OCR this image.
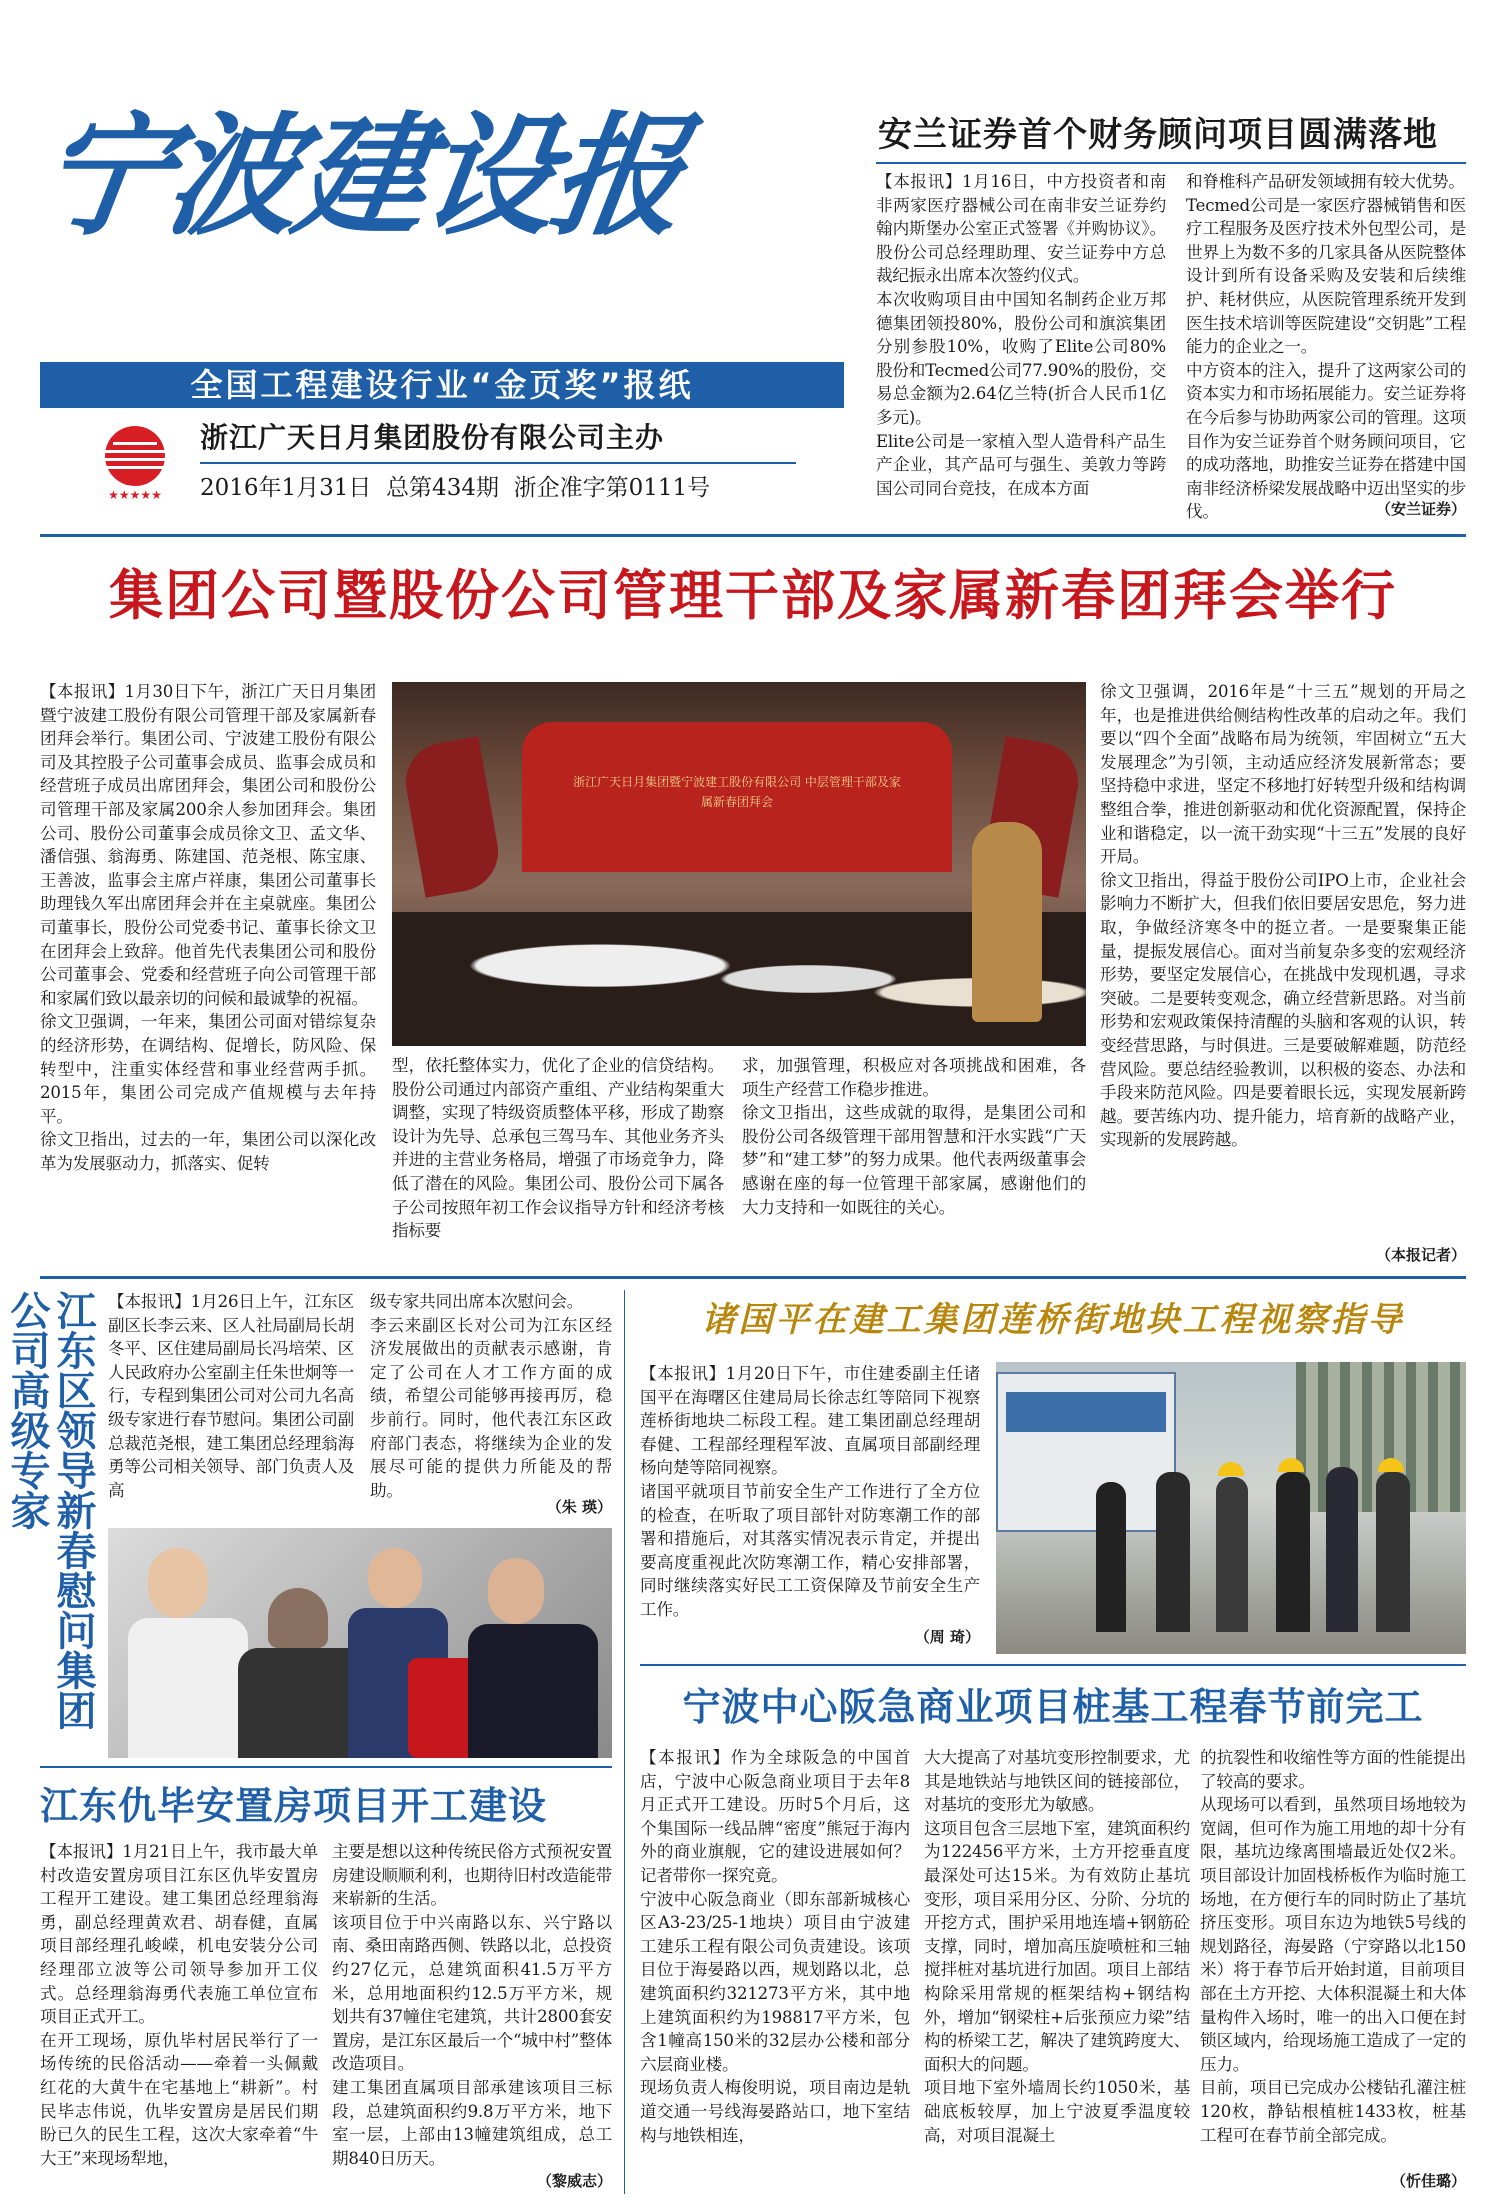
宁波建设报
全国工程建设行业“金页奖”报纸
★★★★★
浙江广天日月集团股份有限公司主办
2016年1月31日  总第434期  浙企准字第0111号
安兰证券首个财务顾问项目圆满落地
【本报讯】1月16日，中方投资者和南非两家医疗器械公司在南非安兰证券约翰内斯堡办公室正式签署《并购协议》。股份公司总经理助理、安兰证券中方总裁纪振永出席本次签约仪式。
本次收购项目由中国知名制药企业万邦德集团领投80%，股份公司和旗滨集团分别参股10%，收购了Elite公司80%股份和Tecmed公司77.90%的股份，交易总金额为2.64亿兰特(折合人民币1亿多元)。
Elite公司是一家植入型人造骨科产品生产企业，其产品可与强生、美敦力等跨国公司同台竞技，在成本方面
和脊椎科产品研发领域拥有较大优势。
Tecmed公司是一家医疗器械销售和医疗工程服务及医疗技术外包型公司，是世界上为数不多的几家具备从医院整体设计到所有设备采购及安装和后续维护、耗材供应，从医院管理系统开发到医生技术培训等医院建设“交钥匙”工程能力的企业之一。
中方资本的注入，提升了这两家公司的资本实力和市场拓展能力。安兰证券将在今后参与协助两家公司的管理。这项目作为安兰证券首个财务顾问项目，它的成功落地，助推安兰证券在搭建中国南非经济桥梁发展战略中迈出坚实的步伐。	（安兰证券）
集团公司暨股份公司管理干部及家属新春团拜会举行
【本报讯】1月30日下午，浙江广天日月集团暨宁波建工股份有限公司管理干部及家属新春团拜会举行。集团公司、宁波建工股份有限公司及其控股子公司董事会成员、监事会成员和经营班子成员出席团拜会，集团公司和股份公司管理干部及家属200余人参加团拜会。集团公司、股份公司董事会成员徐文卫、孟文华、潘信强、翁海勇、陈建国、范尧根、陈宝康、王善波，监事会主席卢祥康，集团公司董事长助理钱久军出席团拜会并在主桌就座。集团公司董事长，股份公司党委书记、董事长徐文卫在团拜会上致辞。他首先代表集团公司和股份公司董事会、党委和经营班子向公司管理干部和家属们致以最亲切的问候和最诚挚的祝福。
徐文卫强调，一年来，集团公司面对错综复杂的经济形势，在调结构、促增长，防风险、保转型中，注重实体经营和事业经营两手抓。2015年，集团公司完成产值规模与去年持平。
徐文卫指出，过去的一年，集团公司以深化改革为发展驱动力，抓落实、促转
浙江广天日月集团暨宁波建工股份有限公司 中层管理干部及家属新春团拜会
型，依托整体实力，优化了企业的信贷结构。股份公司通过内部资产重组、产业结构架重大调整，实现了特级资质整体平移，形成了勘察设计为先导、总承包三驾马车、其他业务齐头并进的主营业务格局，增强了市场竞争力，降低了潜在的风险。集团公司、股份公司下属各子公司按照年初工作会议指导方针和经济考核指标要
求，加强管理，积极应对各项挑战和困难，各项生产经营工作稳步推进。
徐文卫指出，这些成就的取得，是集团公司和股份公司各级管理干部用智慧和汗水实践“广天梦”和“建工梦”的努力成果。他代表两级董事会感谢在座的每一位管理干部家属，感谢他们的大力支持和一如既往的关心。
徐文卫强调，2016年是“十三五”规划的开局之年，也是推进供给侧结构性改革的启动之年。我们要以“四个全面”战略布局为统领，牢固树立“五大发展理念”为引领，主动适应经济发展新常态；要坚持稳中求进，坚定不移地打好转型升级和结构调整组合拳，推进创新驱动和优化资源配置，保持企业和谐稳定，以一流干劲实现“十三五”发展的良好开局。
徐文卫指出，得益于股份公司IPO上市，企业社会影响力不断扩大，但我们依旧要居安思危，努力进取，争做经济寒冬中的挺立者。一是要聚集正能量，提振发展信心。面对当前复杂多变的宏观经济形势，要坚定发展信心，在挑战中发现机遇，寻求突破。二是要转变观念，确立经营新思路。对当前形势和宏观政策保持清醒的头脑和客观的认识，转变经营思路，与时俱进。三是要破解难题，防范经营风险。要总结经验教训，以积极的姿态、办法和手段来防范风险。四是要着眼长远，实现发展新跨越。要苦练内功、提升能力，培育新的战略产业，实现新的发展跨越。
（本报记者）
江东区领导新春慰问集团公司高级专家	【本报讯】1月26日上午，江东区副区长李云来、区人社局副局长胡冬平、区住建局副局长冯培荣、区人民政府办公室副主任朱世炯等一行，专程到集团公司对公司九名高级专家进行春节慰问。集团公司副总裁范尧根，建工集团总经理翁海勇等公司相关领导、部门负责人及高
级专家共同出席本次慰问会。
李云来副区长对公司为江东区经济发展做出的贡献表示感谢，肯定了公司在人才工作方面的成绩，希望公司能够再接再厉，稳步前行。同时，他代表江东区政府部门表态，将继续为企业的发展尽可能的提供力所能及的帮助。
（朱 瑛）
江东仇毕安置房项目开工建设
【本报讯】1月21日上午，我市最大单村改造安置房项目江东区仇毕安置房工程开工建设。建工集团总经理翁海勇，副总经理黄欢君、胡春健，直属项目部经理孔峻嵘，机电安装分公司经理邵立波等公司领导参加开工仪式。总经理翁海勇代表施工单位宣布项目正式开工。
在开工现场，原仇毕村居民举行了一场传统的民俗活动——牵着一头佩戴红花的大黄牛在宅基地上“耕新”。村民毕志伟说，仇毕安置房是居民们期盼已久的民生工程，这次大家牵着“牛大王”来现场犁地，
主要是想以这种传统民俗方式预祝安置房建设顺顺利利，也期待旧村改造能带来崭新的生活。
该项目位于中兴南路以东、兴宁路以南、桑田南路西侧、铁路以北，总投资约27亿元，总建筑面积41.5万平方米，总用地面积约12.5万平方米，规划共有37幢住宅建筑，共计2800套安置房，是江东区最后一个“城中村”整体改造项目。
建工集团直属项目部承建该项目三标段，总建筑面积约9.8万平方米，地下室一层，上部由13幢建筑组成，总工期840日历天。
（黎威志）
诸国平在建工集团莲桥街地块工程视察指导
【本报讯】1月20日下午，市住建委副主任诸国平在海曙区住建局局长徐志红等陪同下视察莲桥街地块二标段工程。建工集团副总经理胡春健、工程部经理程军波、直属项目部副经理杨向楚等陪同视察。
诸国平就项目节前安全生产工作进行了全方位的检查，在听取了项目部针对防寒潮工作的部署和措施后，对其落实情况表示肯定，并提出要高度重视此次防寒潮工作，精心安排部署，同时继续落实好民工工资保障及节前安全生产工作。
（周 琦）
宁波中心阪急商业项目桩基工程春节前完工
【本报讯】作为全球阪急的中国首店，宁波中心阪急商业项目于去年8月正式开工建设。历时5个月后，这个集国际一线品牌“密度”熊冠于海内外的商业旗舰，它的建设进展如何？记者带你一探究竟。
宁波中心阪急商业（即东部新城核心区A3-23/25-1地块）项目由宁波建工建乐工程有限公司负责建设。该项目位于海晏路以西，规划路以北，总建筑面积约321273平方米，其中地上建筑面积约为198817平方米，包含1幢高150米的32层办公楼和部分六层商业楼。
现场负责人梅俊明说，项目南边是轨道交通一号线海晏路站口，地下室结构与地铁相连，
大大提高了对基坑变形控制要求，尤其是地铁站与地铁区间的链接部位，对基坑的变形尤为敏感。
这项目包含三层地下室，建筑面积约为122456平方米，土方开挖垂直度最深处可达15米。为有效防止基坑变形，项目采用分区、分阶、分坑的开挖方式，围护采用地连墙+钢筋砼支撑，同时，增加高压旋喷桩和三轴搅拌桩对基坑进行加固。项目上部结构除采用常规的框架结构+钢结构外，增加“钢梁柱+后张预应力梁”结构的桥梁工艺，解决了建筑跨度大、面积大的问题。
项目地下室外墙周长约1050米，基础底板较厚，加上宁波夏季温度较高，对项目混凝土
的抗裂性和收缩性等方面的性能提出了较高的要求。
从现场可以看到，虽然项目场地较为宽阔，但可作为施工用地的却十分有限，基坑边缘离围墙最近处仅2米。项目部设计加固栈桥板作为临时施工场地，在方便行车的同时防止了基坑挤压变形。项目东边为地铁5号线的规划路径，海晏路（宁穿路以北150米）将于春节后开始封道，目前项目部在土方开挖、大体积混凝土和大体量构件入场时，唯一的出入口便在封锁区域内，给现场施工造成了一定的压力。
目前，项目已完成办公楼钻孔灌注桩120枚，静钻根植桩1433枚，桩基工程可在春节前全部完成。
（忻佳璐）
